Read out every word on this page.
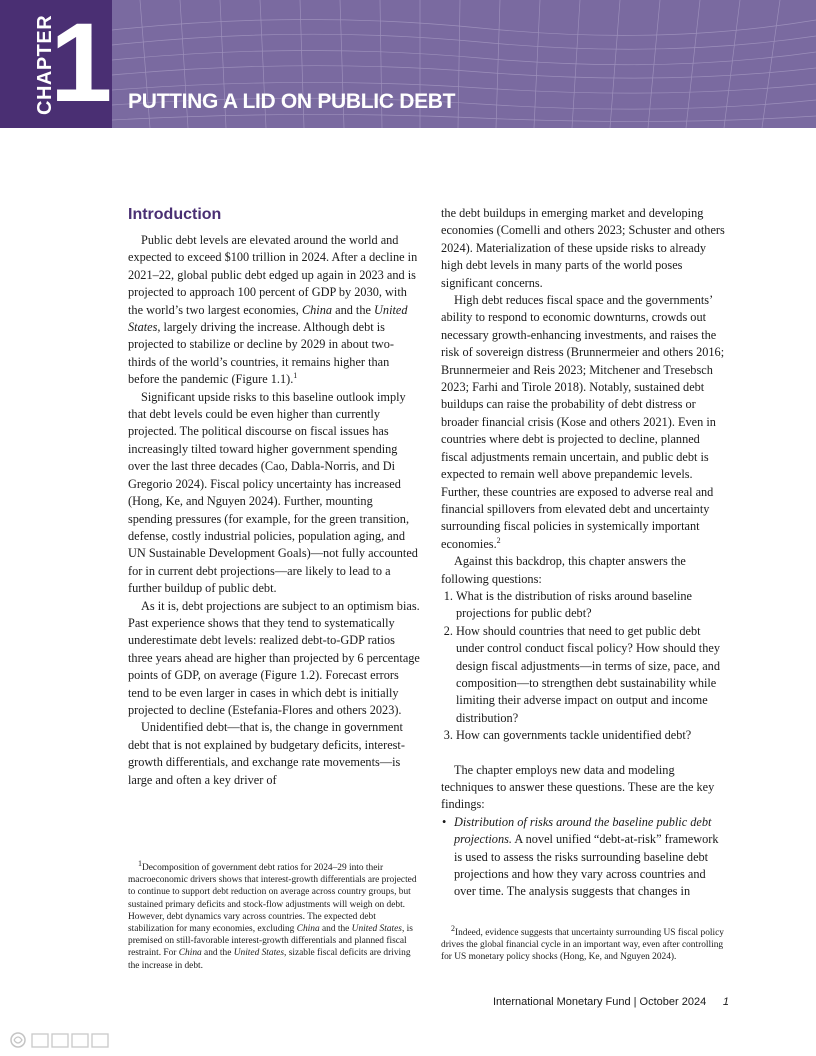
CHAPTER
1 PUTTING A LID ON PUBLIC DEBT
Introduction

Public debt levels are elevated around the world and expected to exceed $100 trillion in 2024. After a decline in 2021–22, global public debt edged up again in 2023 and is projected to approach 100 percent of GDP by 2030, with the world’s two largest economies, China and the United States, largely driving the increase. Although debt is projected to stabilize or decline by 2029 in about two-thirds of the world’s countries, it remains higher than before the pandemic (Figure 1.1).$^1$

Significant upside risks to this baseline outlook imply that debt levels could be even higher than currently projected. The political discourse on fiscal issues has increasingly tilted toward higher government spending over the last three decades (Cao, Dabla-Norris, and Di Gregorio 2024). Fiscal policy uncertainty has increased (Hong, Ke, and Nguyen 2024). Further, mounting spending pressures (for example, for the green transition, defense, costly industrial policies, population aging, and UN Sustainable Development Goals)—not fully accounted for in current debt projections—are likely to lead to a further buildup of public debt.

As it is, debt projections are subject to an optimism bias. Past experience shows that they tend to systematically underestimate debt levels: realized debt-to-GDP ratios three years ahead are higher than projected by 6 percentage points of GDP, on average (Figure 1.2). Forecast errors tend to be even larger in cases in which debt is initially projected to decline (Estefania-Flores and others 2023).

Unidentified debt—that is, the change in government debt that is not explained by budgetary deficits, interest-growth differentials, and exchange rate movements—is large and often a key driver of

the debt buildups in emerging market and developing economies (Comelli and others 2023; Schuster and others 2024). Materialization of these upside risks to already high debt levels in many parts of the world poses significant concerns.

High debt reduces fiscal space and the governments’ ability to respond to economic downturns, crowds out necessary growth-enhancing investments, and raises the risk of sovereign distress (Brunnermeier and others 2016; Brunnermeier and Reis 2023; Mitchener and Tresebsch 2023; Farhi and Tirole 2018). Notably, sustained debt buildups can raise the probability of debt distress or broader financial crisis (Kose and others 2021). Even in countries where debt is projected to decline, planned fiscal adjustments remain uncertain, and public debt is expected to remain well above prepandemic levels. Further, these countries are exposed to adverse real and financial spillovers from elevated debt and uncertainty surrounding fiscal policies in systemically important economies.$^2$

Against this backdrop, this chapter answers the following questions:

1. What is the distribution of risks around baseline projections for public debt?
2. How should countries that need to get public debt under control conduct fiscal policy? How should they design fiscal adjustments—in terms of size, pace, and composition—to strengthen debt sustainability while limiting their adverse impact on output and income distribution?
3. How can governments tackle unidentified debt?

The chapter employs new data and modeling techniques to answer these questions. These are the key findings:

• Distribution of risks around the baseline public debt projections. A novel unified “debt-at-risk” framework is used to assess the risks surrounding baseline debt projections and how they vary across countries and over time. The analysis suggests that changes in

$^1$Decomposition of government debt ratios for 2024–29 into their macroeconomic drivers shows that interest-growth differentials are projected to continue to support debt reduction on average across country groups, but sustained primary deficits and stock-flow adjustments will weigh on debt. However, debt dynamics vary across countries. The expected debt stabilization for many economies, excluding China and the United States, is premised on still-favorable interest-growth differentials and planned fiscal restraint. For China and the United States, sizable fiscal deficits are driving the increase in debt.

$^2$Indeed, evidence suggests that uncertainty surrounding US fiscal policy drives the global financial cycle in an important way, even after controlling for US monetary policy shocks (Hong, Ke, and Nguyen 2024).

International Monetary Fund | October 2024 1
